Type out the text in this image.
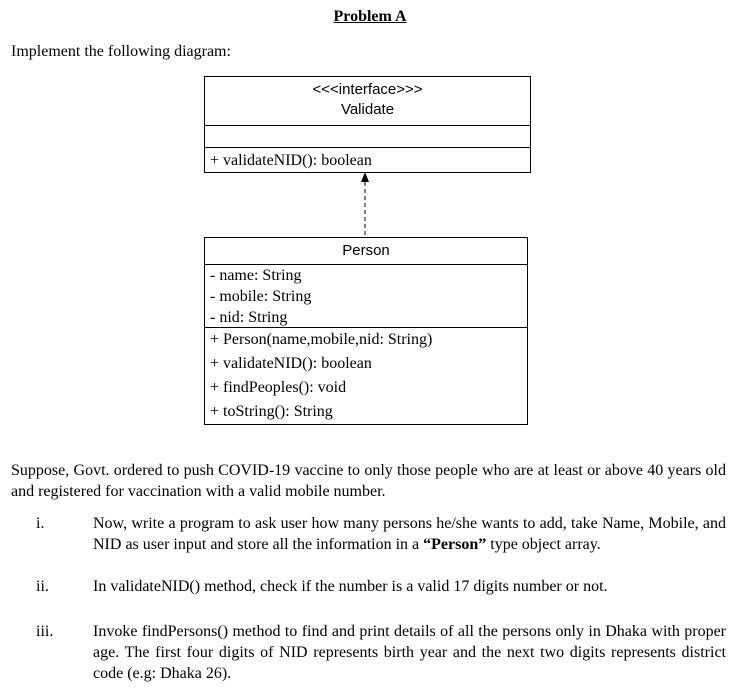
Problem A
Implement the following diagram:
<<<interface>>>
Validate
+ validateNID(): boolean
Person
- name: String
- mobile: String
- nid: String
+ Person(name,mobile,nid: String)
+ validateNID(): boolean
+ findPeoples(): void
+ toString(): String
Suppose, Govt. ordered to push COVID-19 vaccine to only those people who are at least or above 40 years old and registered for vaccination with a valid mobile number.
i.	Now, write a program to ask user how many persons he/she wants to add, take Name, Mobile, and NID as user input and store all the information in a “Person” type object array.
ii.	In validateNID() method, check if the number is a valid 17 digits number or not.
iii. Invoke findPersons() method to find and print details of all the persons only in Dhaka with proper age. The first four digits of NID represents birth year and the next two digits represents district code (e.g: Dhaka 26).
